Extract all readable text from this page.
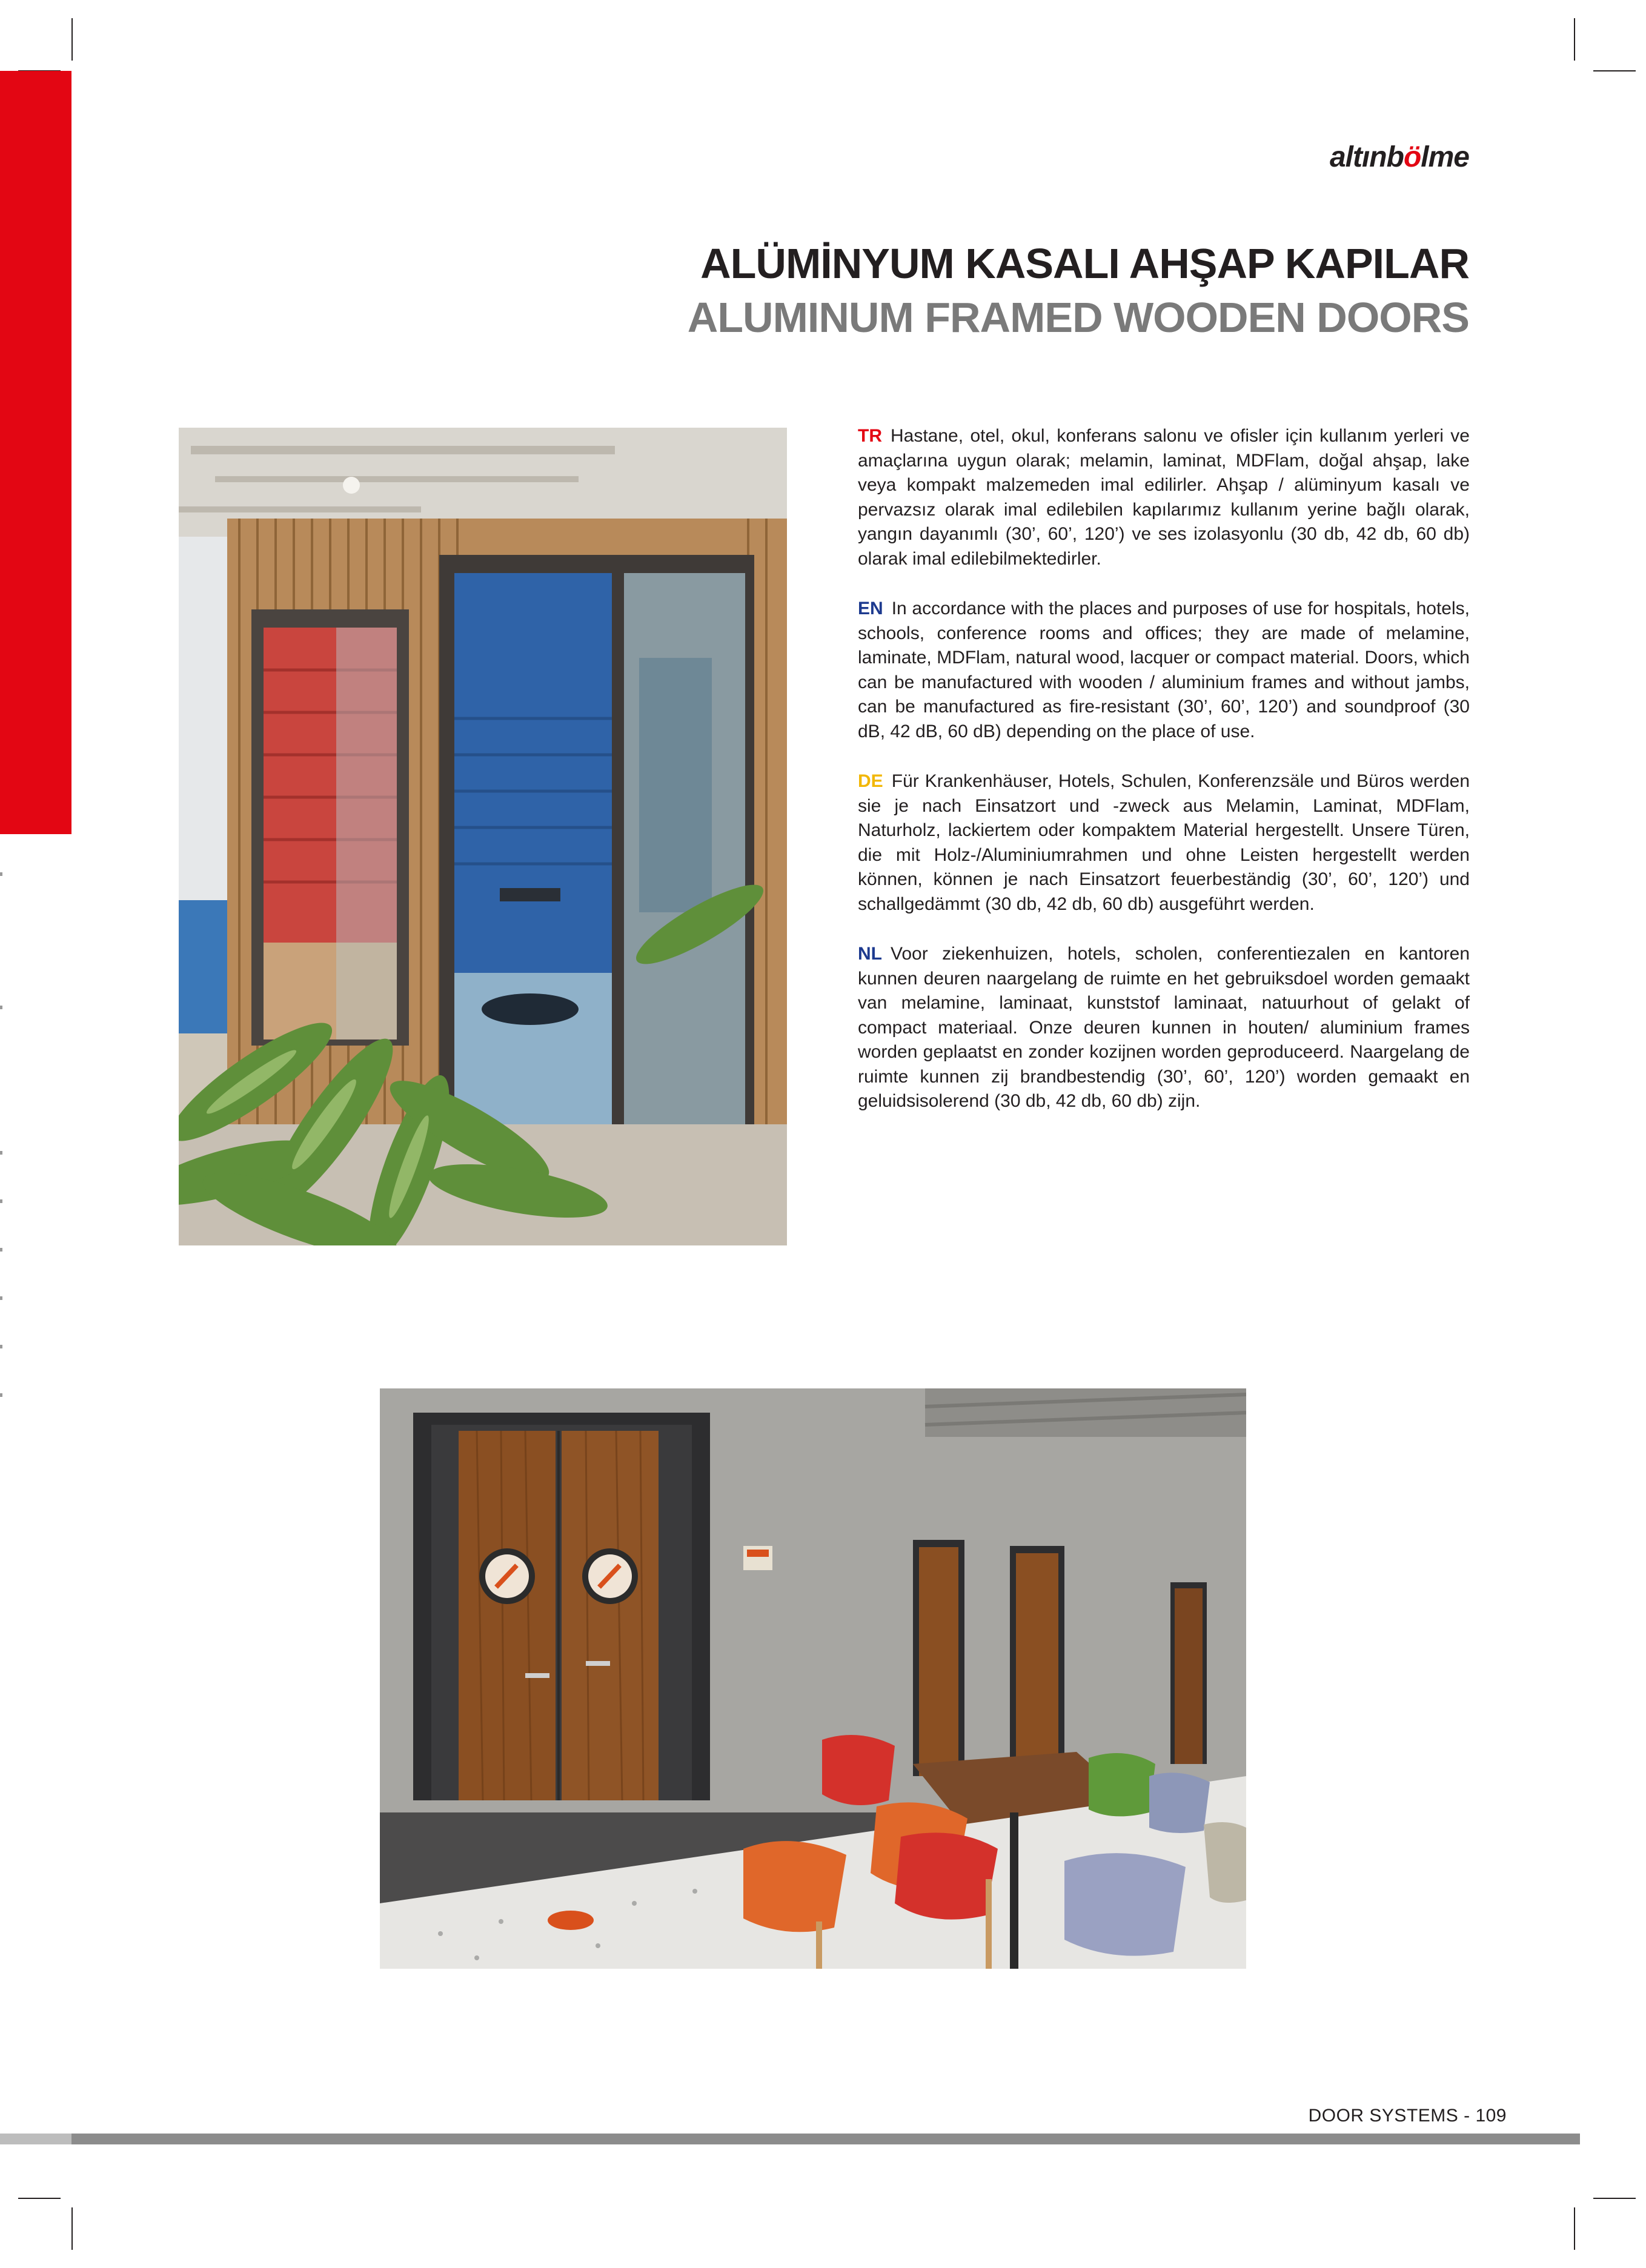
altınbölme
ALÜMİNYUM KASALI AHŞAP KAPILAR
ALUMINUM FRAMED WOODEN DOORS

TR Hastane, otel, okul, konferans salonu ve ofisler için kullanım yerleri ve amaçlarına uygun olarak; melamin, laminat, MDFlam, doğal ahşap, lake veya kompakt malzemeden imal edilirler. Ahşap / alüminyum kasalı ve pervazsız olarak imal edilebilen kapılarımız kullanım yerine bağlı olarak, yangın dayanımlı (30’, 60’, 120’) ve ses izolasyonlu (30 db, 42 db, 60 db) olarak imal edilebilmektedirler.

EN In accordance with the places and purposes of use for hospitals, hotels, schools, conference rooms and offices; they are made of melamine, laminate, MDFlam, natural wood, lacquer or compact material. Doors, which can be manufactured with wooden / aluminium frames and without jambs, can be manufactured as fire-resistant (30’, 60’, 120’) and soundproof (30 dB, 42 dB, 60 dB) depending on the place of use.

DE Für Krankenhäuser, Hotels, Schulen, Konferenzsäle und Büros werden sie je nach Einsatzort und -zweck aus Melamin, Laminat, MDFlam, Naturholz, lackiertem oder kompaktem Material hergestellt. Unsere Türen, die mit Holz-/Aluminiumrahmen und ohne Leisten hergestellt werden können, können je nach Einsatzort feuerbeständig (30’, 60’, 120’) und schallgedämmt (30 db, 42 db, 60 db) ausgeführt werden.

NL Voor ziekenhuizen, hotels, scholen, conferentiezalen en kantoren kunnen deuren naargelang de ruimte en het gebruiksdoel worden gemaakt van melamine, laminaat, kunststof laminaat, natuurhout of gelakt of compact materiaal. Onze deuren kunnen in houten/ aluminium frames worden geplaatst en zonder kozijnen worden geproduceerd. Naargelang de ruimte kunnen zij brandbestendig (30’, 60’, 120’) worden gemaakt en geluidsisolerend (30 db, 42 db, 60 db) zijn.

DOOR SYSTEMS - 109
